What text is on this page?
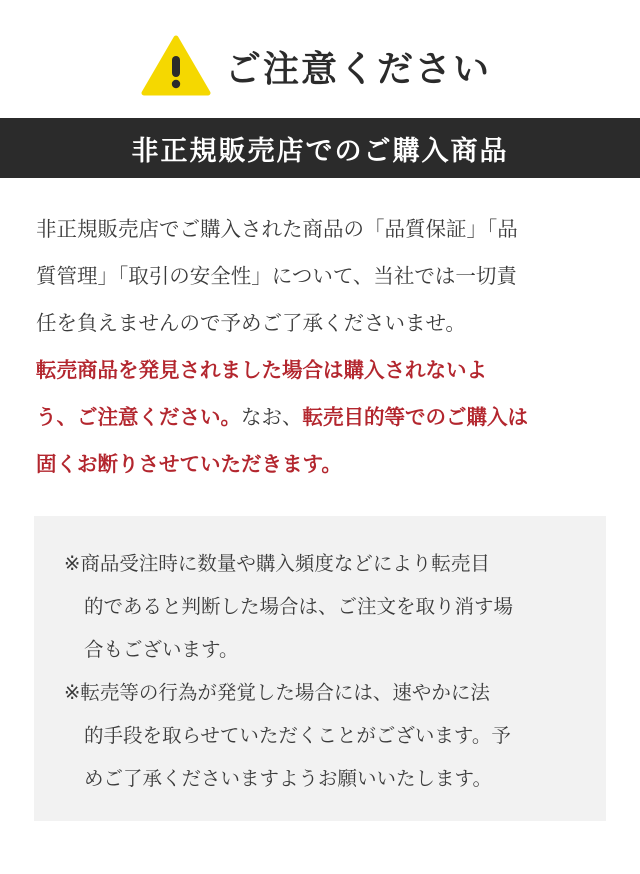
ご注意ください
非正規販売店でのご購入商品
非正規販売店でご購入された商品の「品質保証」「品
質管理」「取引の安全性」について、当社では一切責
任を負えませんので予めご了承くださいませ。
転売商品を発見されました場合は購入されないよ
う、ご注意ください。なお、転売目的等でのご購入は
固くお断りさせていただきます。
※商品受注時に数量や購入頻度などにより転売目
的であると判断した場合は、ご注文を取り消す場
合もございます。
※転売等の行為が発覚した場合には、速やかに法
的手段を取らせていただくことがございます。予
めご了承くださいますようお願いいたします。
